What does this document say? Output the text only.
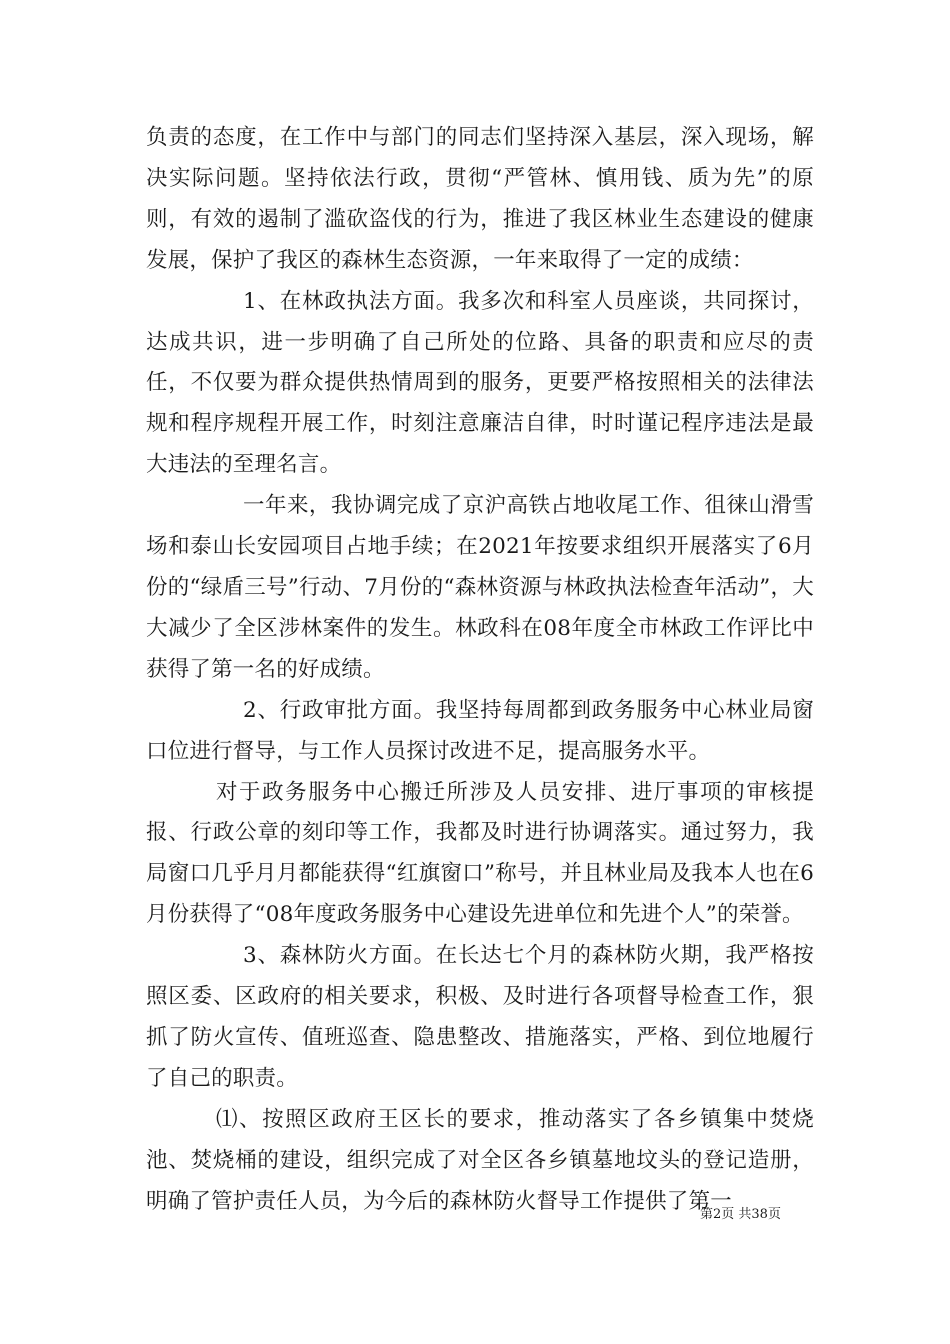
负责的态度，在工作中与部门的同志们坚持深入基层，深入现场，解决实际问题。坚持依法行政，贯彻“严管林、慎用钱、质为先”的原则，有效的遏制了滥砍盗伐的行为，推进了我区林业生态建设的健康发展，保护了我区的森林生态资源，一年来取得了一定的成绩：

1、在林政执法方面。我多次和科室人员座谈，共同探讨，达成共识，进一步明确了自己所处的位路、具备的职责和应尽的责任，不仅要为群众提供热情周到的服务，更要严格按照相关的法律法规和程序规程开展工作，时刻注意廉洁自律，时时谨记程序违法是最大违法的至理名言。

一年来，我协调完成了京沪高铁占地收尾工作、徂徕山滑雪场和泰山长安园项目占地手续；在2021年按要求组织开展落实了6月份的“绿盾三号”行动、7月份的“森林资源与林政执法检查年活动”，大大减少了全区涉林案件的发生。林政科在08年度全市林政工作评比中获得了第一名的好成绩。

2、行政审批方面。我坚持每周都到政务服务中心林业局窗口位进行督导，与工作人员探讨改进不足，提高服务水平。

对于政务服务中心搬迁所涉及人员安排、进厅事项的审核提报、行政公章的刻印等工作，我都及时进行协调落实。通过努力，我局窗口几乎月月都能获得“红旗窗口”称号，并且林业局及我本人也在6月份获得了“08年度政务服务中心建设先进单位和先进个人”的荣誉。

3、森林防火方面。在长达七个月的森林防火期，我严格按照区委、区政府的相关要求，积极、及时进行各项督导检查工作，狠抓了防火宣传、值班巡查、隐患整改、措施落实，严格、到位地履行了自己的职责。

⑴、按照区政府王区长的要求，推动落实了各乡镇集中焚烧池、焚烧桶的建设，组织完成了对全区各乡镇墓地坟头的登记造册，明确了管护责任人员，为今后的森林防火督导工作提供了第一

第2页 共38页
